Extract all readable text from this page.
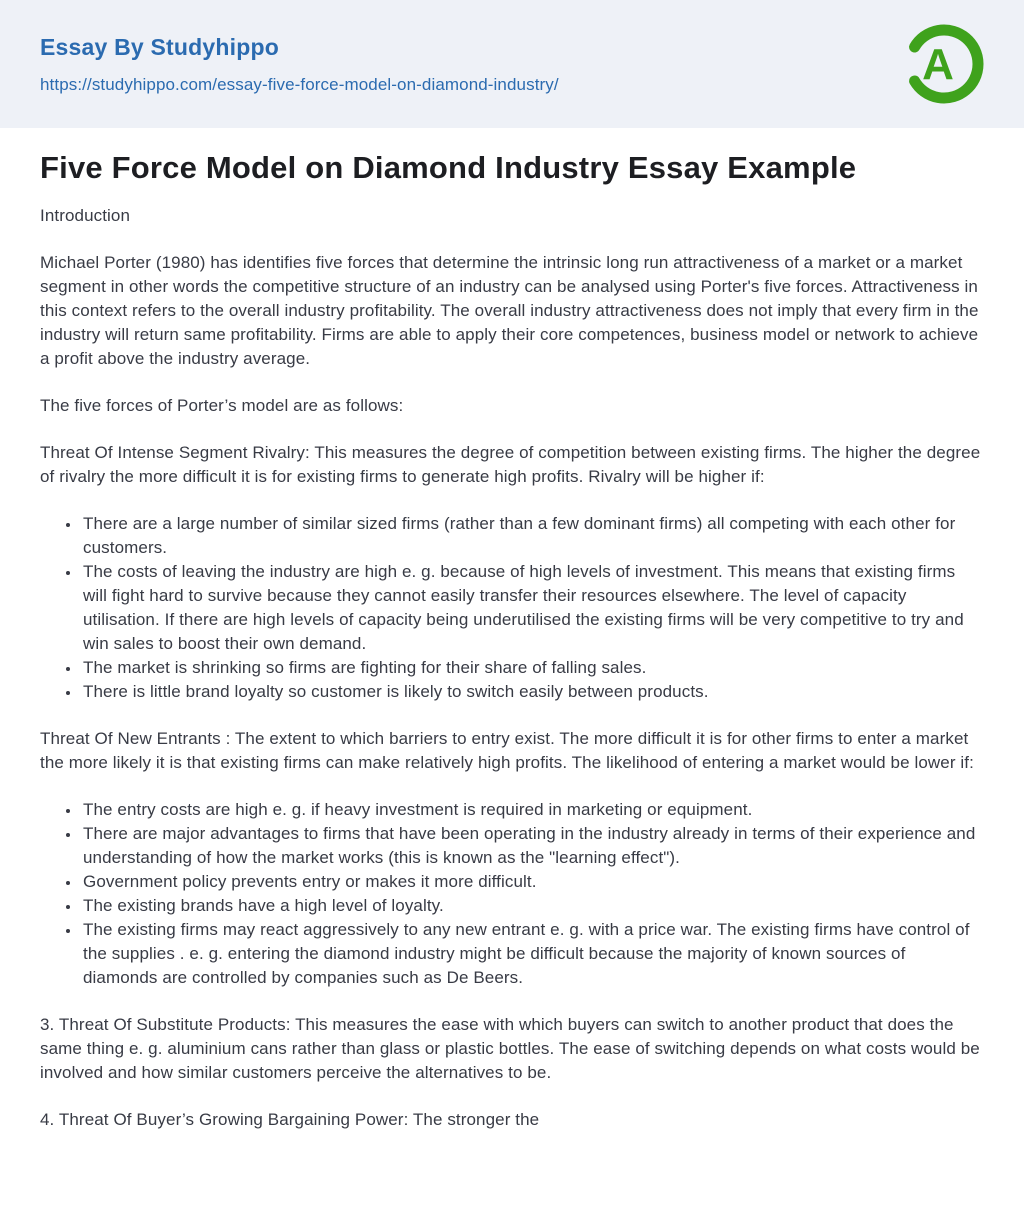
Essay By Studyhippo
https://studyhippo.com/essay-five-force-model-on-diamond-industry/	A
Five Force Model on Diamond Industry Essay Example

Introduction

Michael Porter (1980) has identifies five forces that determine the intrinsic long run attractiveness of a market or a market segment in other words the competitive structure of an industry can be analysed using Porter's five forces. Attractiveness in this context refers to the overall industry profitability. The overall industry attractiveness does not imply that every firm in the industry will return same profitability. Firms are able to apply their core competences, business model or network to achieve a profit above the industry average.

The five forces of Porter’s model are as follows:

Threat Of Intense Segment Rivalry: This measures the degree of competition between existing firms. The higher the degree of rivalry the more difficult it is for existing firms to generate high profits. Rivalry will be higher if:

• There are a large number of similar sized firms (rather than a few dominant firms) all competing with each other for customers.
• The costs of leaving the industry are high e. g. because of high levels of investment. This means that existing firms will fight hard to survive because they cannot easily transfer their resources elsewhere. The level of capacity utilisation. If there are high levels of capacity being underutilised the existing firms will be very competitive to try and win sales to boost their own demand.
• The market is shrinking so firms are fighting for their share of falling sales.
• There is little brand loyalty so customer is likely to switch easily between products.

Threat Of New Entrants : The extent to which barriers to entry exist. The more difficult it is for other firms to enter a market the more likely it is that existing firms can make relatively high profits. The likelihood of entering a market would be lower if:

• The entry costs are high e. g. if heavy investment is required in marketing or equipment.
• There are major advantages to firms that have been operating in the industry already in terms of their experience and understanding of how the market works (this is known as the "learning effect").
• Government policy prevents entry or makes it more difficult.
• The existing brands have a high level of loyalty.
• The existing firms may react aggressively to any new entrant e. g. with a price war. The existing firms have control of the supplies . e. g. entering the diamond industry might be difficult because the majority of known sources of diamonds are controlled by companies such as De Beers.

3. Threat Of Substitute Products: This measures the ease with which buyers can switch to another product that does the same thing e. g. aluminium cans rather than glass or plastic bottles. The ease of switching depends on what costs would be involved and how similar customers perceive the alternatives to be.

4. Threat Of Buyer’s Growing Bargaining Power: The stronger the
